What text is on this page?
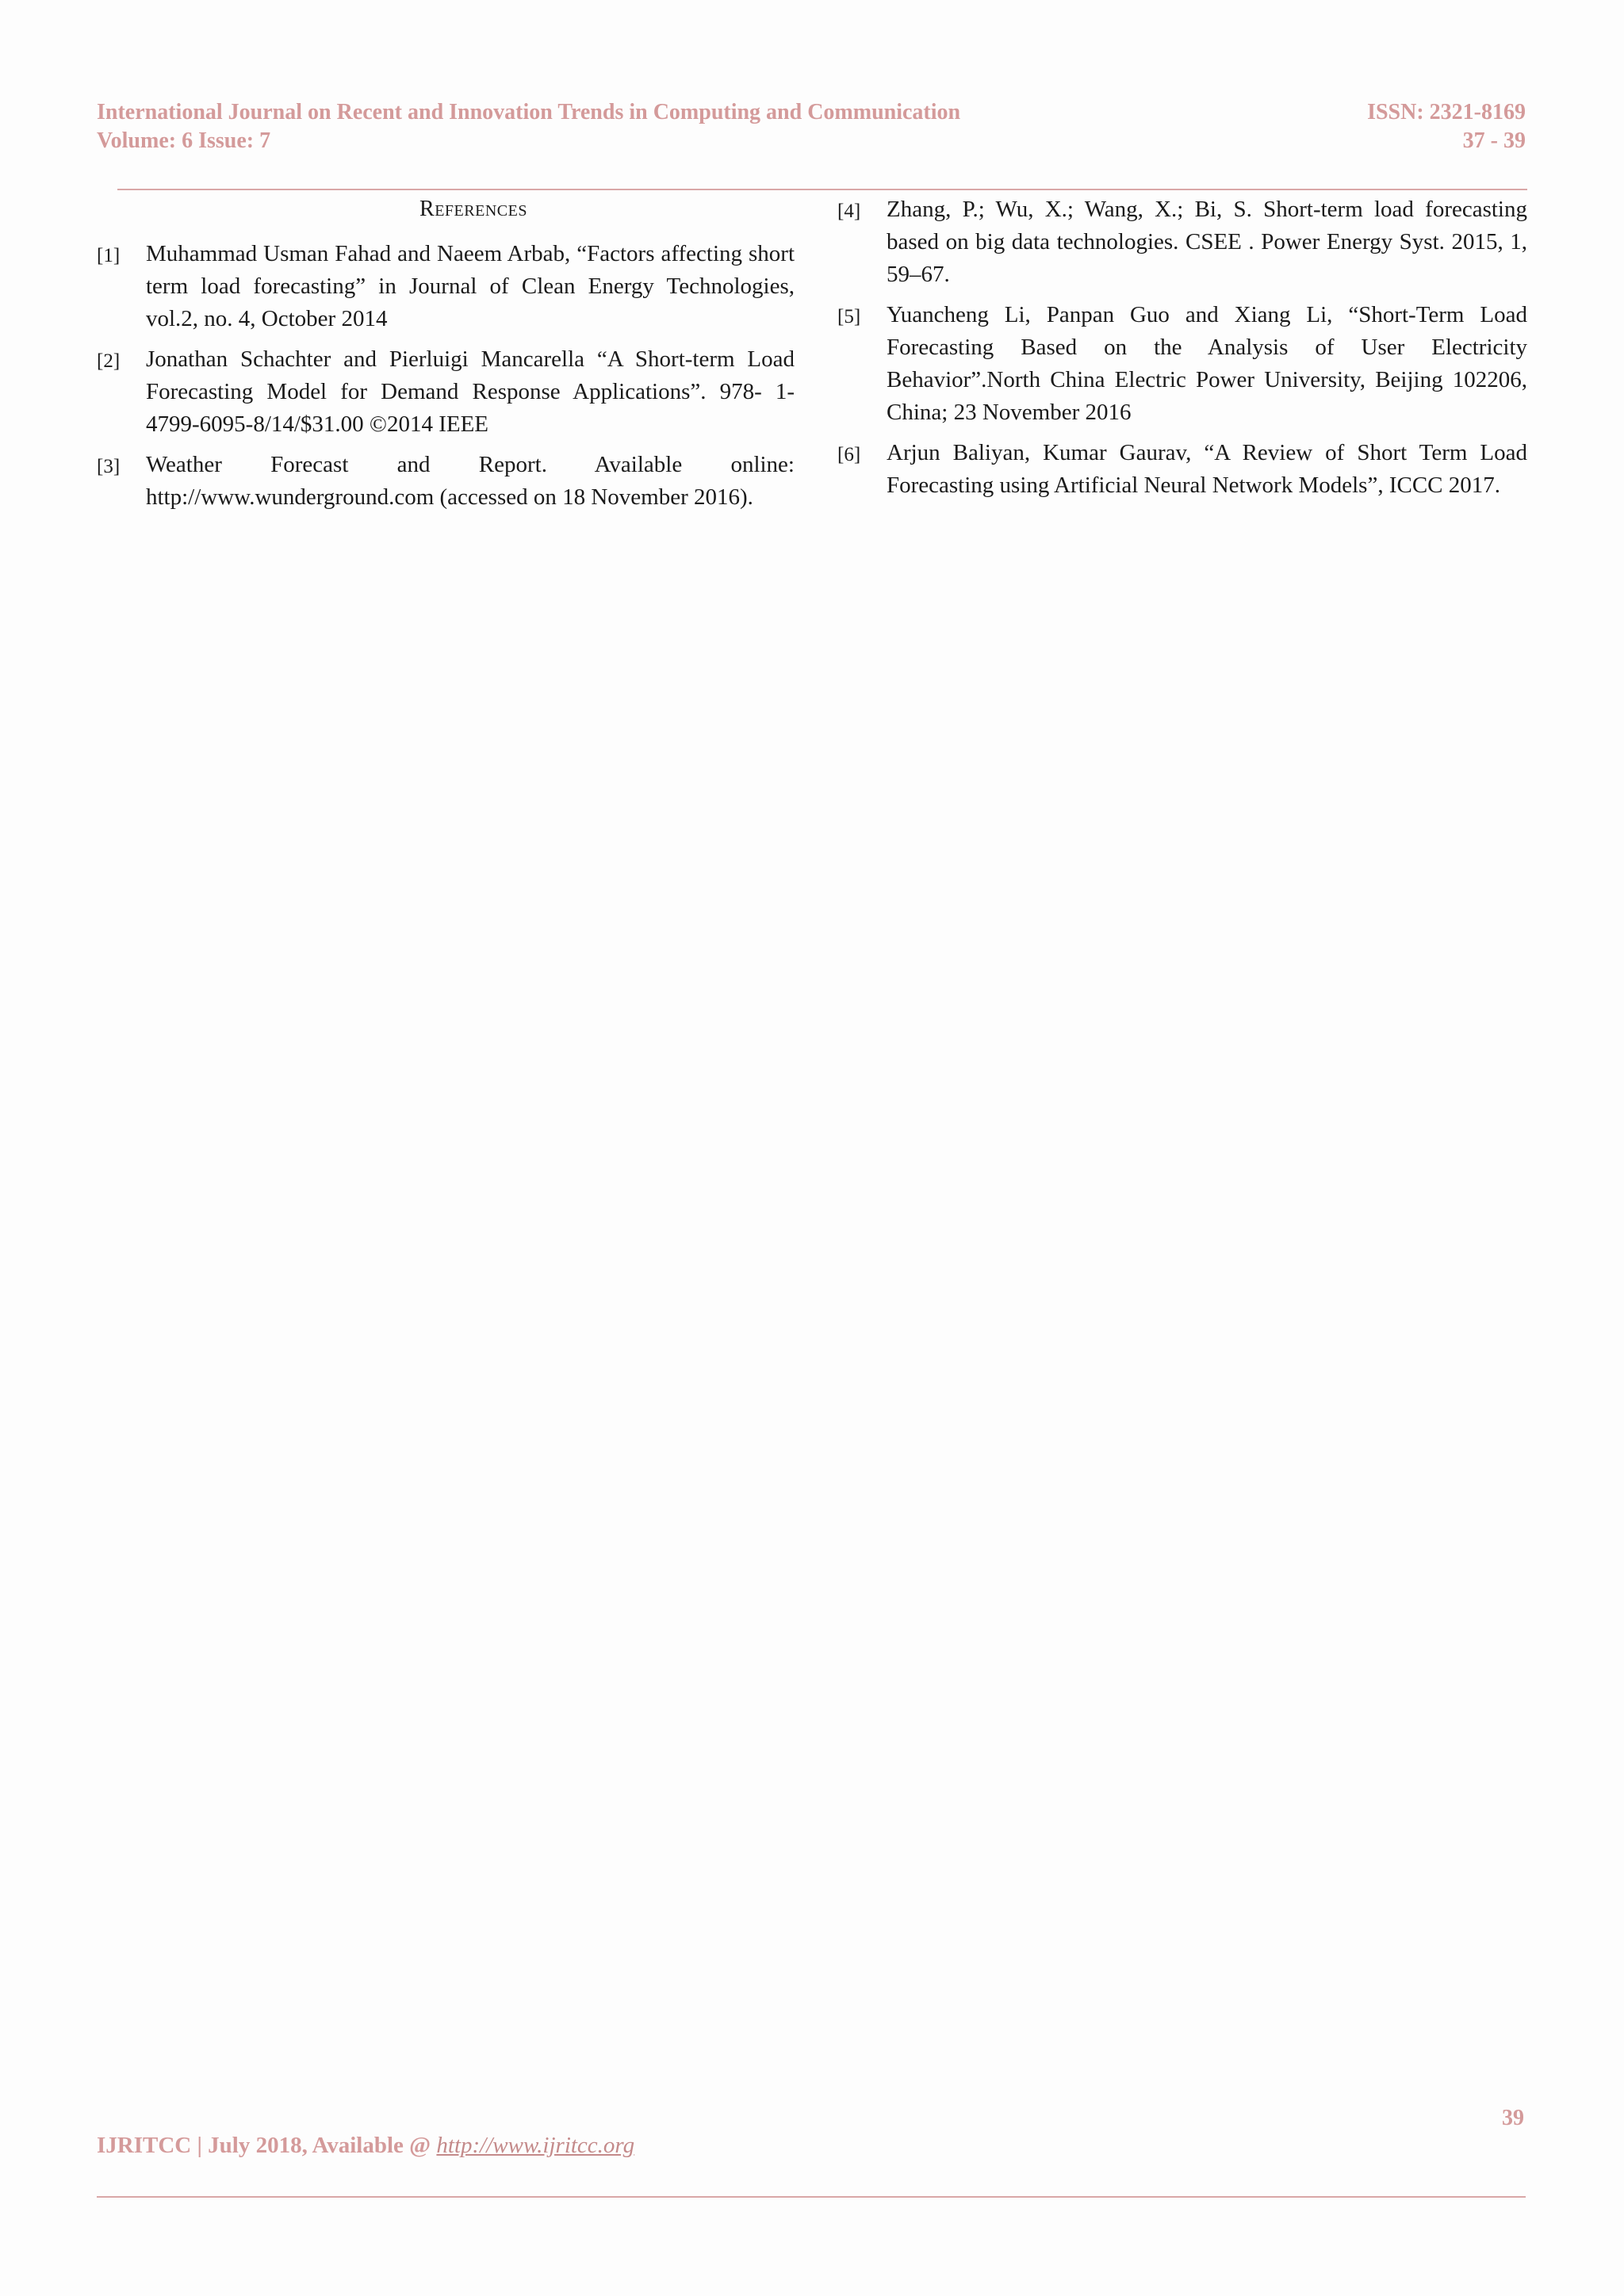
International Journal on Recent and Innovation Trends in Computing and Communication
Volume: 6 Issue: 7
ISSN: 2321-8169
37 - 39
References
[1] Muhammad Usman Fahad and Naeem Arbab, “Factors affecting short term load forecasting” in Journal of Clean Energy Technologies, vol.2, no. 4, October 2014
[2] Jonathan Schachter and Pierluigi Mancarella “A Short-term Load Forecasting Model for Demand Response Applications”. 978- 1- 4799-6095-8/14/$31.00 ©2014 IEEE
[3] Weather Forecast and Report. Available online: http://www.wunderground.com (accessed on 18 November 2016).
[4] Zhang, P.; Wu, X.; Wang, X.; Bi, S. Short-term load forecasting based on big data technologies. CSEE . Power Energy Syst. 2015, 1, 59–67.
[5] Yuancheng Li, Panpan Guo and Xiang Li, “Short-Term Load Forecasting Based on the Analysis of User Electricity Behavior”.North China Electric Power University, Beijing 102206, China; 23 November 2016
[6] Arjun Baliyan, Kumar Gaurav, “A Review of Short Term Load Forecasting using Artificial Neural Network Models”, ICCC 2017.
39
IJRITCC | July 2018, Available @ http://www.ijritcc.org
